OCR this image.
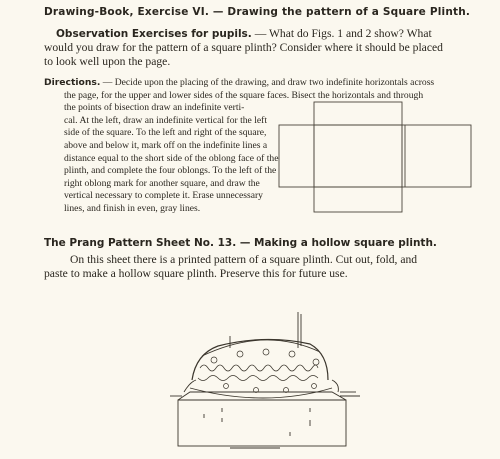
Drawing-Book, Exercise VI. — Drawing the pattern of a Square Plinth.
Observation Exercises for pupils. — What do Figs. 1 and 2 show? What
would you draw for the pattern of a square plinth? Consider where it should be placed
to look well upon the page.
Directions. — Decide upon the placing of the drawing, and draw two indefinite horizontals across
the page, for the upper and lower sides of the square faces. Bisect the horizontals and through
the points of bisection draw an indefinite verti-
cal. At the left, draw an indefinite vertical for the left side of the square. To the left and right of the square, above and below it, mark off on the indefinite lines a distance equal to the short side of the oblong face of the plinth, and complete the four oblongs. To the left of the right oblong mark for another square, and draw the vertical necessary to complete it. Erase unnecessary lines, and finish in even, gray lines.
The Prang Pattern Sheet No. 13. — Making a hollow square plinth.
On this sheet there is a printed pattern of a square plinth. Cut out, fold, and
paste to make a hollow square plinth. Preserve this for future use.
